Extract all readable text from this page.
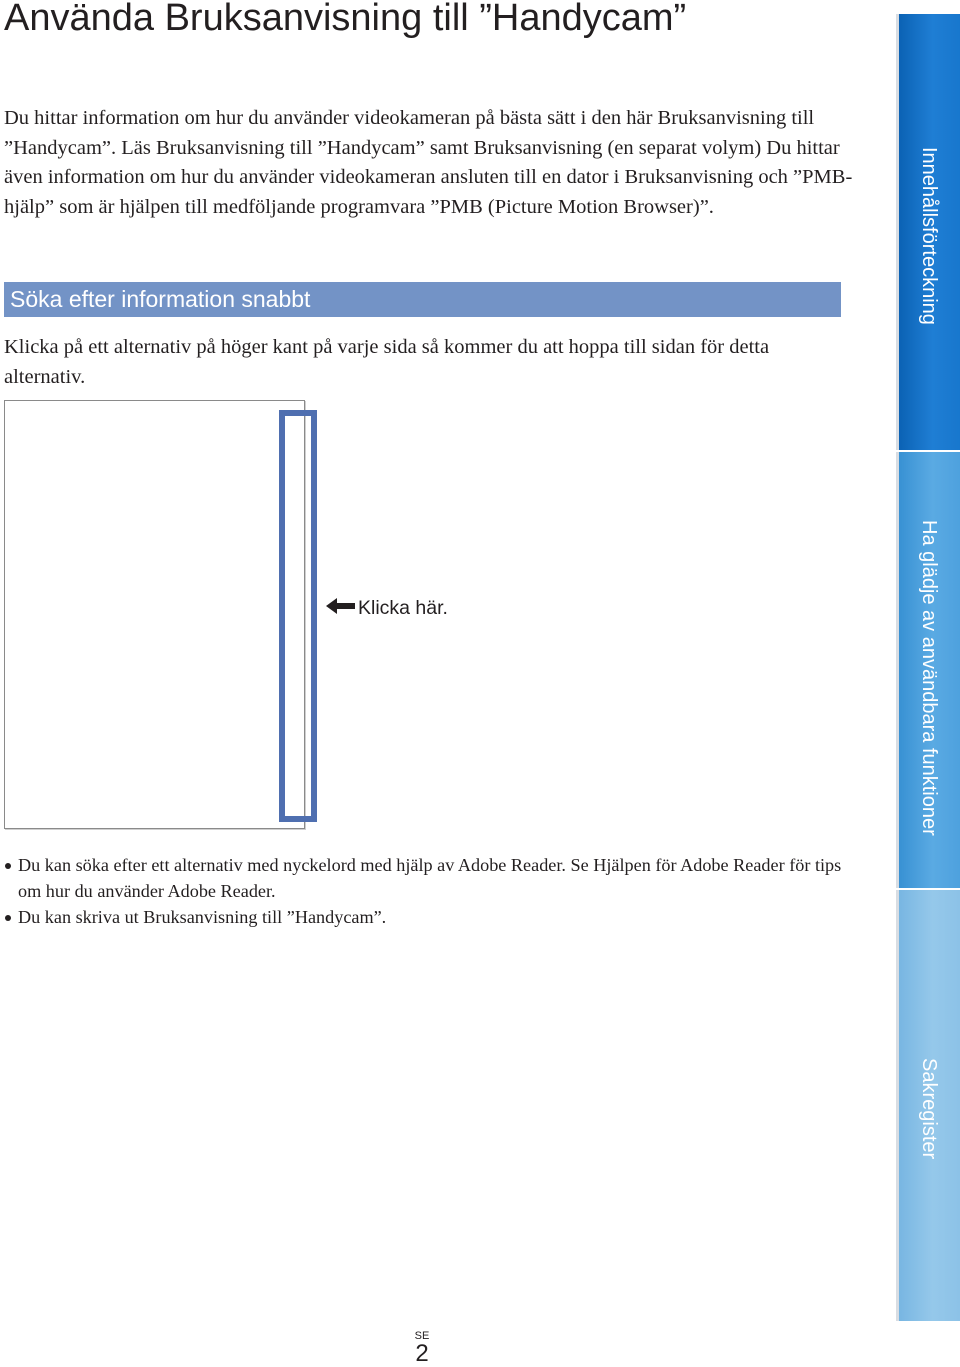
Använda Bruksanvisning till ”Handycam”

Du hittar information om hur du använder videokameran på bästa sätt i den här Bruksanvisning till ”Handycam”. Läs Bruksanvisning till ”Handycam” samt Bruksanvisning (en separat volym) Du hittar även information om hur du använder videokameran ansluten till en dator i Bruksanvisning och ”PMB-hjälp” som är hjälpen till medföljande programvara ”PMB (Picture Motion Browser)”.

Söka efter information snabbt

Klicka på ett alternativ på höger kant på varje sida så kommer du att hoppa till sidan för detta alternativ.

Klicka här.
Du kan söka efter ett alternativ med nyckelord med hjälp av Adobe Reader. Se Hjälpen för Adobe Reader för tips om hur du använder Adobe Reader.
Du kan skriva ut Bruksanvisning till ”Handycam”.
Innehållsförteckning
Ha glädje av användbara funktioner
Sakregister
SE
2
